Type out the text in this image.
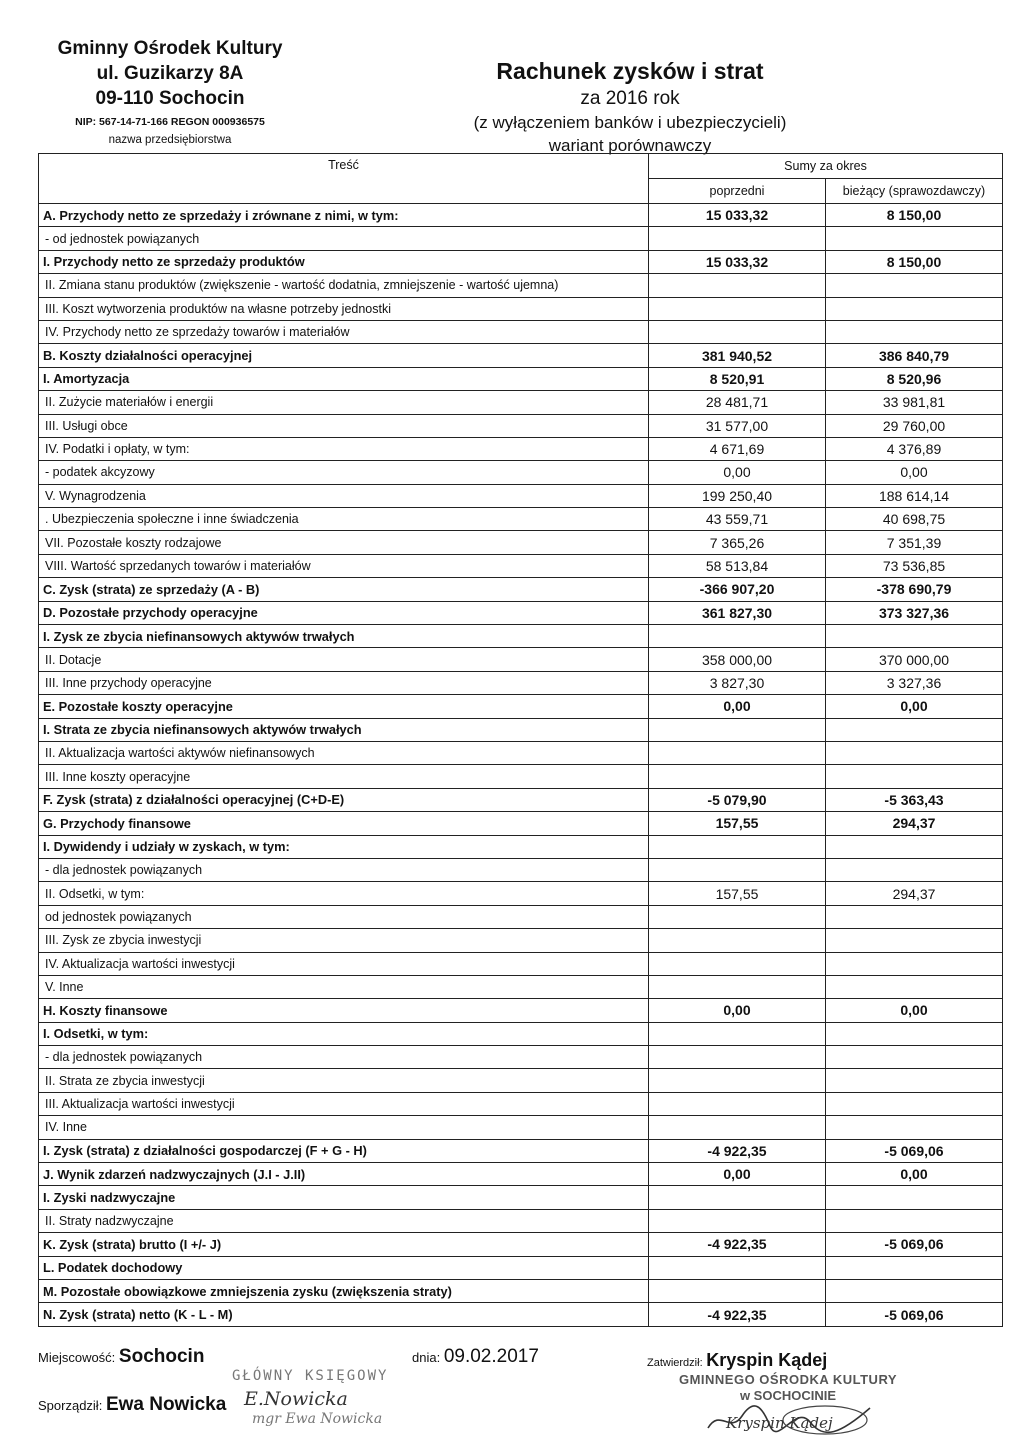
Gminny Ośrodek Kultury
ul. Guzikarzy 8A
09-110 Sochocin
NIP: 567-14-71-166 REGON 000936575
nazwa przedsiębiorstwa
Rachunek zysków i strat
za 2016 rok
(z wyłączeniem banków i ubezpieczycieli)
wariant porównawczy
Treść	Sumy za okres	
	poprzedni	bieżący (sprawozdawczy)
A. Przychody netto ze sprzedaży i zrównane z nimi, w tym:	15 033,32	8 150,00
- od jednostek powiązanych		
I. Przychody netto ze sprzedaży produktów	15 033,32	8 150,00
II. Zmiana stanu produktów (zwiększenie - wartość dodatnia, zmniejszenie - wartość ujemna)		
III. Koszt wytworzenia produktów na własne potrzeby jednostki		
IV. Przychody netto ze sprzedaży towarów i materiałów		
B. Koszty działalności operacyjnej	381 940,52	386 840,79
I. Amortyzacja	8 520,91	8 520,96
II. Zużycie materiałów i energii	28 481,71	33 981,81
III. Usługi obce	31 577,00	29 760,00
IV. Podatki i opłaty, w tym:	4 671,69	4 376,89
- podatek akcyzowy	0,00	0,00
V. Wynagrodzenia	199 250,40	188 614,14
. Ubezpieczenia społeczne i inne świadczenia	43 559,71	40 698,75
VII. Pozostałe koszty rodzajowe	7 365,26	7 351,39
VIII. Wartość sprzedanych towarów i materiałów	58 513,84	73 536,85
C. Zysk (strata) ze sprzedaży (A - B)	-366 907,20	-378 690,79
D. Pozostałe przychody operacyjne	361 827,30	373 327,36
I. Zysk ze zbycia niefinansowych aktywów trwałych		
II. Dotacje	358 000,00	370 000,00
III. Inne przychody operacyjne	3 827,30	3 327,36
E. Pozostałe koszty operacyjne	0,00	0,00
I. Strata ze zbycia niefinansowych aktywów trwałych		
II. Aktualizacja wartości aktywów niefinansowych		
III. Inne koszty operacyjne		
F. Zysk (strata) z działalności operacyjnej (C+D-E)	-5 079,90	-5 363,43
G. Przychody finansowe	157,55	294,37
I. Dywidendy i udziały w zyskach, w tym:		
- dla jednostek powiązanych		
II. Odsetki, w tym:	157,55	294,37
od jednostek powiązanych		
III. Zysk ze zbycia inwestycji		
IV. Aktualizacja wartości inwestycji		
V. Inne		
H. Koszty finansowe	0,00	0,00
I. Odsetki, w tym:		
- dla jednostek powiązanych		
II. Strata ze zbycia inwestycji		
III. Aktualizacja wartości inwestycji		
IV. Inne		
I. Zysk (strata) z działalności gospodarczej (F + G - H)	-4 922,35	-5 069,06
J. Wynik zdarzeń nadzwyczajnych (J.I - J.II)	0,00	0,00
I. Zyski nadzwyczajne		
II. Straty nadzwyczajne		
K. Zysk (strata) brutto (I +/- J)	-4 922,35	-5 069,06
L. Podatek dochodowy		
M. Pozostałe obowiązkowe zmniejszenia zysku (zwiększenia straty)		
N. Zysk (strata) netto (K - L - M)	-4 922,35	-5 069,06
Miejscowość: Sochocin	dnia: 09.02.2017
GŁÓWNY KSIĘGOWY
Sporządził: Ewa Nowicka E.Nowicka
mgr Ewa Nowicka
Zatwierdził: Kryspin Kądej
GMINNEGO OŚRODKA KULTURY
w SOCHOCINIE
Kryspin Kądej
